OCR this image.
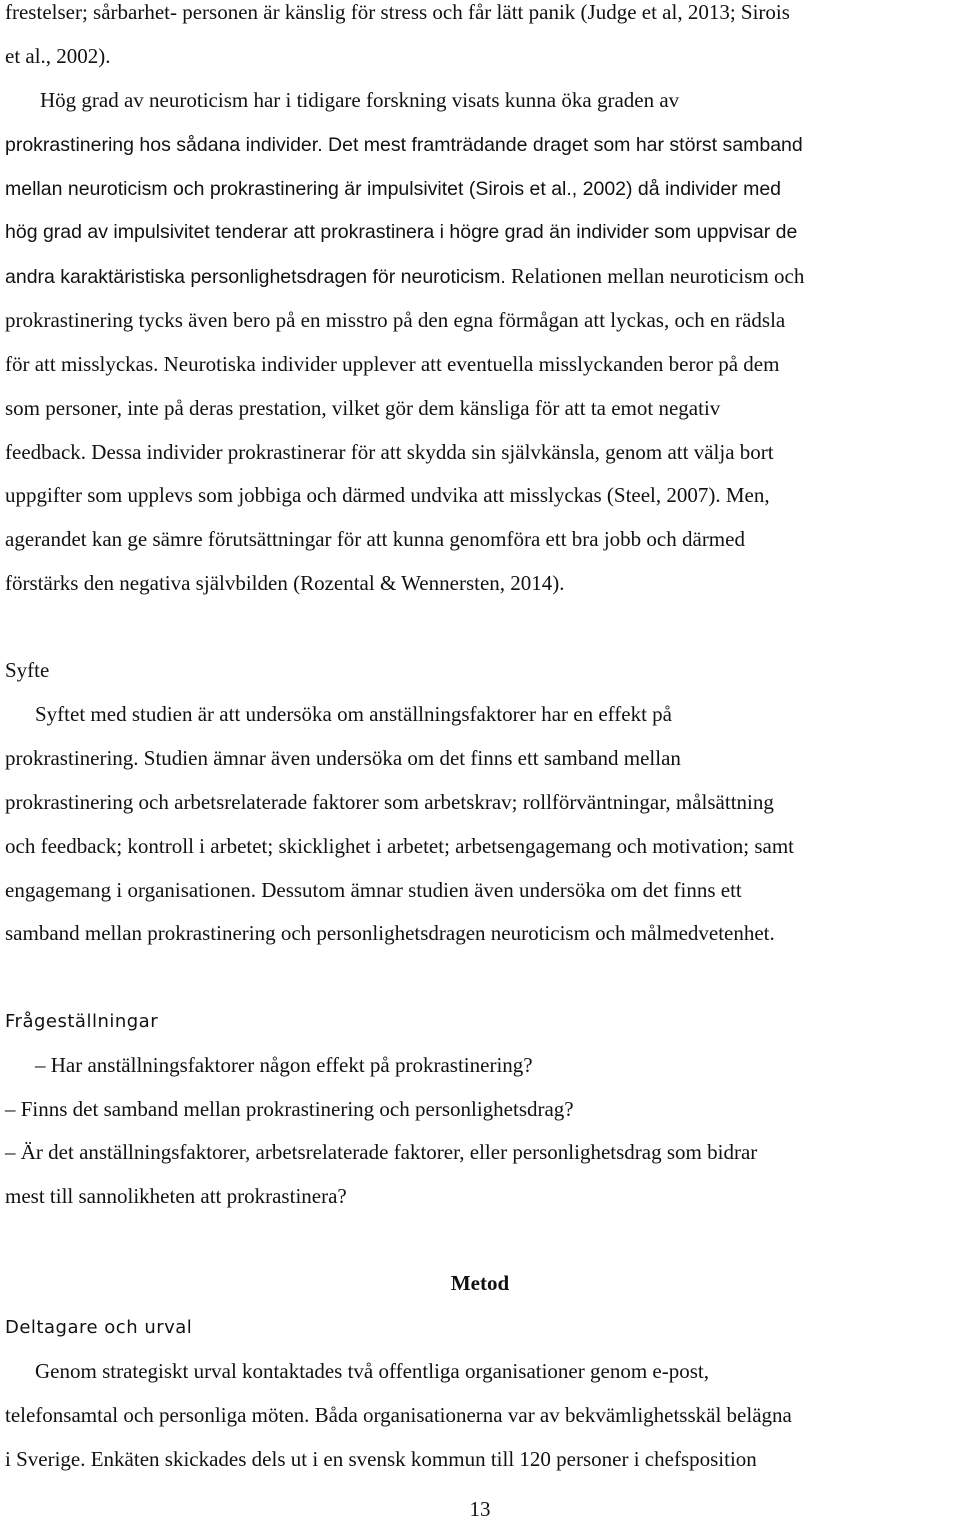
frestelser; sårbarhet- personen är känslig för stress och får lätt panik (Judge et al, 2013; Sirois
et al., 2002).
Hög grad av neuroticism har i tidigare forskning visats kunna öka graden av
prokrastinering hos sådana individer. Det mest framträdande draget som har störst samband
mellan neuroticism och prokrastinering är impulsivitet (Sirois et al., 2002) då individer med
hög grad av impulsivitet tenderar att prokrastinera i högre grad än individer som uppvisar de
andra karaktäristiska personlighetsdragen för neuroticism. Relationen mellan neuroticism och
prokrastinering tycks även bero på en misstro på den egna förmågan att lyckas, och en rädsla
för att misslyckas. Neurotiska individer upplever att eventuella misslyckanden beror på dem
som personer, inte på deras prestation, vilket gör dem känsliga för att ta emot negativ
feedback. Dessa individer prokrastinerar för att skydda sin självkänsla, genom att välja bort
uppgifter som upplevs som jobbiga och därmed undvika att misslyckas (Steel, 2007). Men,
agerandet kan ge sämre förutsättningar för att kunna genomföra ett bra jobb och därmed
förstärks den negativa självbilden (Rozental & Wennersten, 2014).
Syfte
Syftet med studien är att undersöka om anställningsfaktorer har en effekt på
prokrastinering. Studien ämnar även undersöka om det finns ett samband mellan
prokrastinering och arbetsrelaterade faktorer som arbetskrav; rollförväntningar, målsättning
och feedback; kontroll i arbetet; skicklighet i arbetet; arbetsengagemang och motivation; samt
engagemang i organisationen. Dessutom ämnar studien även undersöka om det finns ett
samband mellan prokrastinering och personlighetsdragen neuroticism och målmedvetenhet.
Frågeställningar
– Har anställningsfaktorer någon effekt på prokrastinering?
– Finns det samband mellan prokrastinering och personlighetsdrag?
– Är det anställningsfaktorer, arbetsrelaterade faktorer, eller personlighetsdrag som bidrar
mest till sannolikheten att prokrastinera?
Metod
Deltagare och urval
Genom strategiskt urval kontaktades två offentliga organisationer genom e-post,
telefonsamtal och personliga möten. Båda organisationerna var av bekvämlighetsskäl belägna
i Sverige. Enkäten skickades dels ut i en svensk kommun till 120 personer i chefsposition
13
